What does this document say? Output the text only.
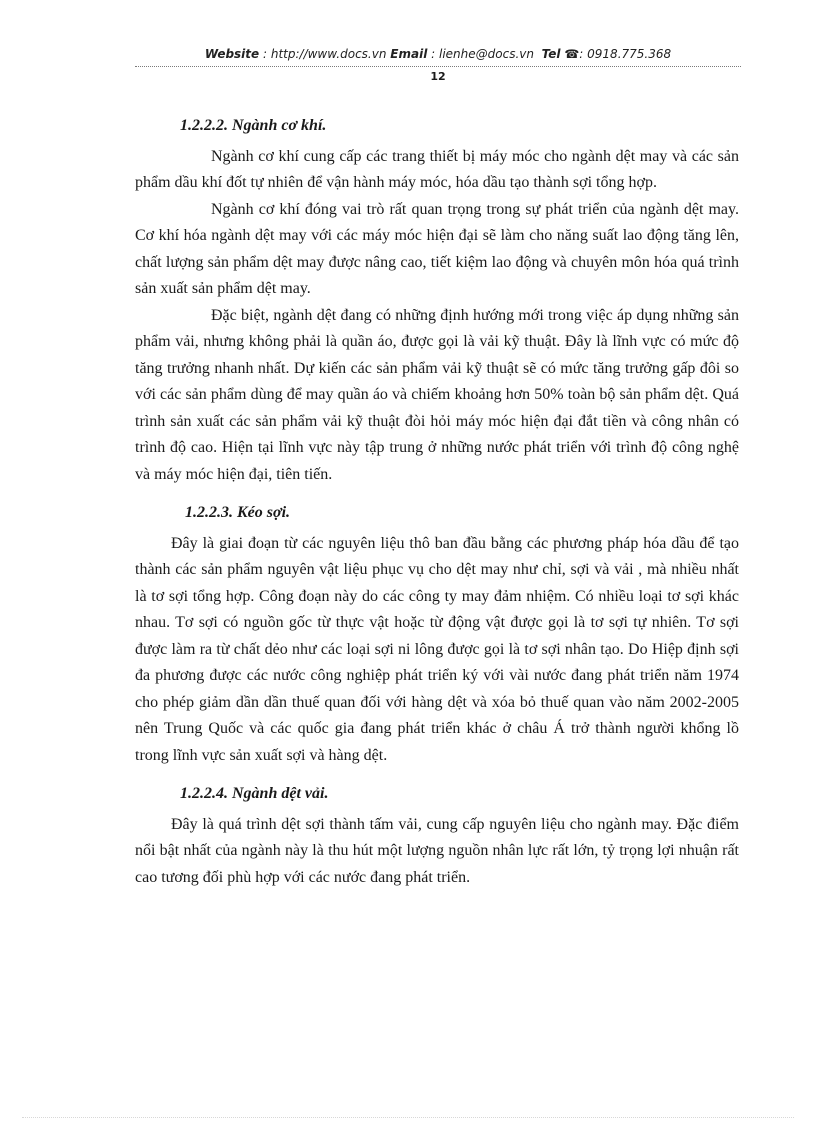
Website : http://www.docs.vn Email : lienhe@docs.vn Tel ☎: 0918.775.368
12
1.2.2.2. Ngành cơ khí.

Ngành cơ khí cung cấp các trang thiết bị máy móc cho ngành dệt may và các sản phẩm dầu khí đốt tự nhiên để vận hành máy móc, hóa dầu tạo thành sợi tổng hợp.

Ngành cơ khí đóng vai trò rất quan trọng trong sự phát triển của ngành dệt may. Cơ khí hóa ngành dệt may với các máy móc hiện đại sẽ làm cho năng suất lao động tăng lên, chất lượng sản phẩm dệt may được nâng cao, tiết kiệm lao động và chuyên môn hóa quá trình sản xuất sản phẩm dệt may.

Đặc biệt, ngành dệt đang có những định hướng mới trong việc áp dụng những sản phẩm vải, nhưng không phải là quần áo, được gọi là vải kỹ thuật. Đây là lĩnh vực có mức độ tăng trưởng nhanh nhất. Dự kiến các sản phẩm vải kỹ thuật sẽ có mức tăng trưởng gấp đôi so với các sản phẩm dùng để may quần áo và chiếm khoảng hơn 50% toàn bộ sản phẩm dệt. Quá trình sản xuất các sản phẩm vải kỹ thuật đòi hỏi máy móc hiện đại đắt tiền và công nhân có trình độ cao. Hiện tại lĩnh vực này tập trung ở những nước phát triển với trình độ công nghệ và máy móc hiện đại, tiên tiến.

1.2.2.3. Kéo sợi.

Đây là giai đoạn từ các nguyên liệu thô ban đầu bằng các phương pháp hóa dầu để tạo thành các sản phẩm nguyên vật liệu phục vụ cho dệt may như chỉ, sợi và vải , mà nhiều nhất là tơ sợi tổng hợp. Công đoạn này do các công ty may đảm nhiệm. Có nhiều loại tơ sợi khác nhau. Tơ sợi có nguồn gốc từ thực vật hoặc từ động vật được gọi là tơ sợi tự nhiên. Tơ sợi được làm ra từ chất dẻo như các loại sợi ni lông được gọi là tơ sợi nhân tạo. Do Hiệp định sợi đa phương được các nước công nghiệp phát triển ký với vài nước đang phát triển năm 1974 cho phép giảm dần dần thuế quan đối với hàng dệt và xóa bỏ thuế quan vào năm 2002-2005 nên Trung Quốc và các quốc gia đang phát triển khác ở châu Á trở thành người khổng lồ trong lĩnh vực sản xuất sợi và hàng dệt.

1.2.2.4. Ngành dệt vải.

Đây là quá trình dệt sợi thành tấm vải, cung cấp nguyên liệu cho ngành may. Đặc điểm nổi bật nhất của ngành này là thu hút một lượng nguồn nhân lực rất lớn, tỷ trọng lợi nhuận rất cao tương đối phù hợp với các nước đang phát triển.
